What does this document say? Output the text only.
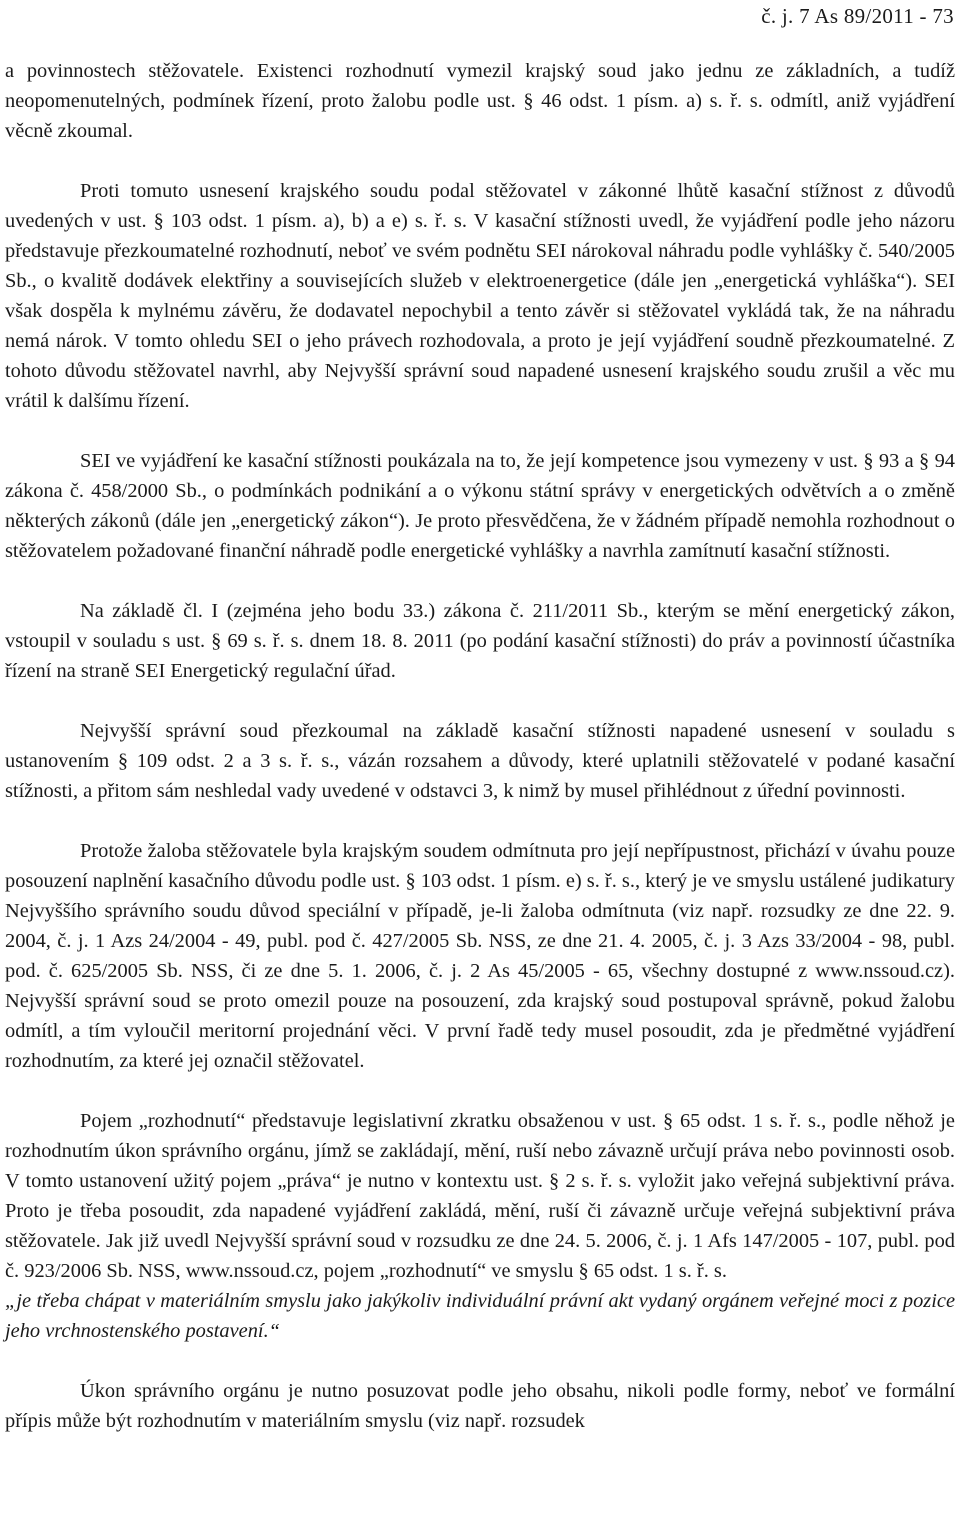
č. j. 7 As 89/2011 - 73

a povinnostech stěžovatele. Existenci rozhodnutí vymezil krajský soud jako jednu ze základních, a tudíž neopomenutelných, podmínek řízení, proto žalobu podle ust. § 46 odst. 1 písm. a) s. ř. s. odmítl, aniž vyjádření věcně zkoumal.

Proti tomuto usnesení krajského soudu podal stěžovatel v zákonné lhůtě kasační stížnost z důvodů uvedených v ust. § 103 odst. 1 písm. a), b) a e) s. ř. s. V kasační stížnosti uvedl, že vyjádření podle jeho názoru představuje přezkoumatelné rozhodnutí, neboť ve svém podnětu SEI nárokoval náhradu podle vyhlášky č. 540/2005 Sb., o kvalitě dodávek elektřiny a souvisejících služeb v elektroenergetice (dále jen „energetická vyhláška“). SEI však dospěla k mylnému závěru, že dodavatel nepochybil a tento závěr si stěžovatel vykládá tak, že na náhradu nemá nárok. V tomto ohledu SEI o jeho právech rozhodovala, a proto je její vyjádření soudně přezkoumatelné. Z tohoto důvodu stěžovatel navrhl, aby Nejvyšší správní soud napadené usnesení krajského soudu zrušil a věc mu vrátil k dalšímu řízení.

SEI ve vyjádření ke kasační stížnosti poukázala na to, že její kompetence jsou vymezeny v ust. § 93 a § 94 zákona č. 458/2000 Sb., o podmínkách podnikání a o výkonu státní správy v energetických odvětvích a o změně některých zákonů (dále jen „energetický zákon“). Je proto přesvědčena, že v žádném případě nemohla rozhodnout o stěžovatelem požadované finanční náhradě podle energetické vyhlášky a navrhla zamítnutí kasační stížnosti.

Na základě čl. I (zejména jeho bodu 33.) zákona č. 211/2011 Sb., kterým se mění energetický zákon, vstoupil v souladu s ust. § 69 s. ř. s. dnem 18. 8. 2011 (po podání kasační stížnosti) do práv a povinností účastníka řízení na straně SEI Energetický regulační úřad.

Nejvyšší správní soud přezkoumal na základě kasační stížnosti napadené usnesení v souladu s ustanovením § 109 odst. 2 a 3 s. ř. s., vázán rozsahem a důvody, které uplatnili stěžovatelé v podané kasační stížnosti, a přitom sám neshledal vady uvedené v odstavci 3, k nimž by musel přihlédnout z úřední povinnosti.

Protože žaloba stěžovatele byla krajským soudem odmítnuta pro její nepřípustnost, přichází v úvahu pouze posouzení naplnění kasačního důvodu podle ust. § 103 odst. 1 písm. e) s. ř. s., který je ve smyslu ustálené judikatury Nejvyššího správního soudu důvod speciální v případě, je-li žaloba odmítnuta (viz např. rozsudky ze dne 22. 9. 2004, č. j. 1 Azs 24/2004 - 49, publ. pod č. 427/2005 Sb. NSS, ze dne 21. 4. 2005, č. j. 3 Azs 33/2004 - 98, publ. pod. č. 625/2005 Sb. NSS, či ze dne 5. 1. 2006, č. j. 2 As 45/2005 - 65, všechny dostupné z www.nssoud.cz). Nejvyšší správní soud se proto omezil pouze na posouzení, zda krajský soud postupoval správně, pokud žalobu odmítl, a tím vyloučil meritorní projednání věci. V první řadě tedy musel posoudit, zda je předmětné vyjádření rozhodnutím, za které jej označil stěžovatel.

Pojem „rozhodnutí“ představuje legislativní zkratku obsaženou v ust. § 65 odst. 1 s. ř. s., podle něhož je rozhodnutím úkon správního orgánu, jímž se zakládají, mění, ruší nebo závazně určují práva nebo povinnosti osob. V tomto ustanovení užitý pojem „práva“ je nutno v kontextu ust. § 2 s. ř. s. vyložit jako veřejná subjektivní práva. Proto je třeba posoudit, zda napadené vyjádření zakládá, mění, ruší či závazně určuje veřejná subjektivní práva stěžovatele. Jak již uvedl Nejvyšší správní soud v rozsudku ze dne 24. 5. 2006, č. j. 1 Afs 147/2005 - 107, publ. pod č. 923/2006 Sb. NSS, www.nssoud.cz, pojem „rozhodnutí“ ve smyslu § 65 odst. 1 s. ř. s.

„je třeba chápat v materiálním smyslu jako jakýkoliv individuální právní akt vydaný orgánem veřejné moci z pozice jeho vrchnostenského postavení.“

Úkon správního orgánu je nutno posuzovat podle jeho obsahu, nikoli podle formy, neboť ve formální přípis může být rozhodnutím v materiálním smyslu (viz např. rozsudek
